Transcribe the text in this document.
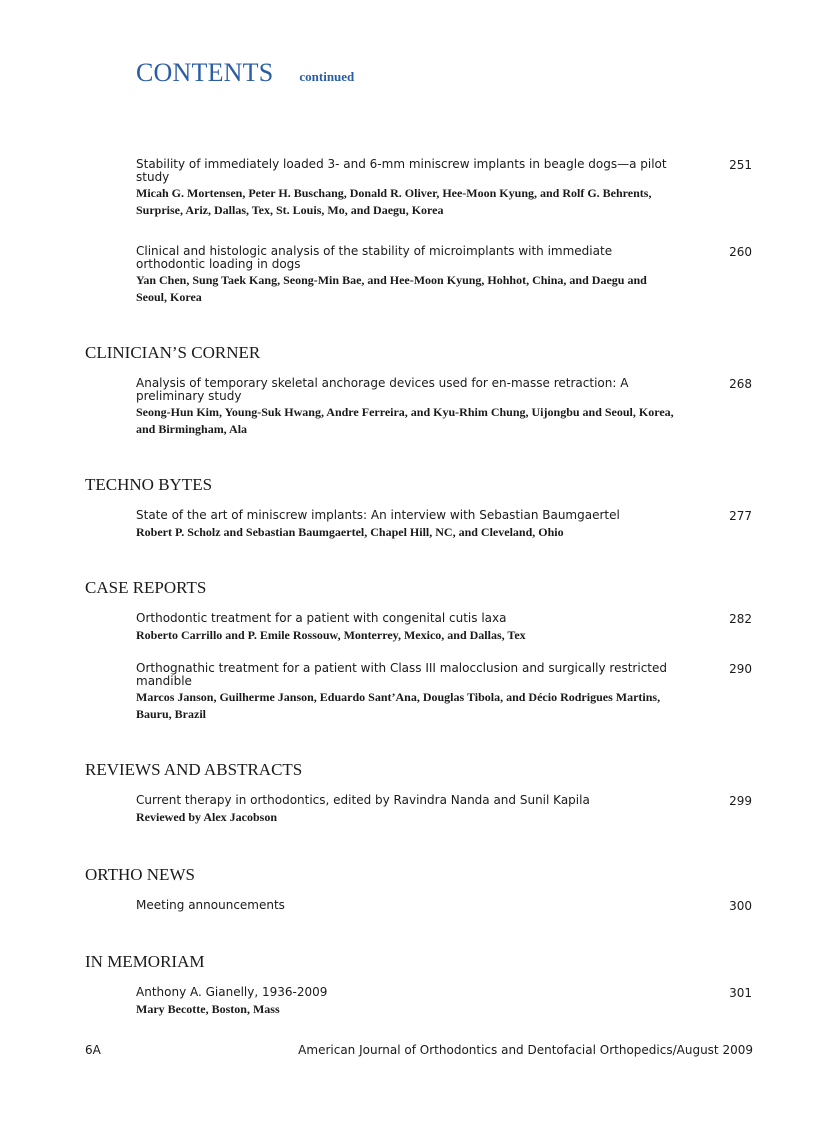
CONTENTS continued
Stability of immediately loaded 3- and 6-mm miniscrew implants in beagle dogs—a pilot study
Micah G. Mortensen, Peter H. Buschang, Donald R. Oliver, Hee-Moon Kyung, and Rolf G. Behrents, Surprise, Ariz, Dallas, Tex, St. Louis, Mo, and Daegu, Korea
251
Clinical and histologic analysis of the stability of microimplants with immediate orthodontic loading in dogs
Yan Chen, Sung Taek Kang, Seong-Min Bae, and Hee-Moon Kyung, Hohhot, China, and Daegu and Seoul, Korea
260
CLINICIAN’S CORNER
Analysis of temporary skeletal anchorage devices used for en-masse retraction: A preliminary study
Seong-Hun Kim, Young-Suk Hwang, Andre Ferreira, and Kyu-Rhim Chung, Uijongbu and Seoul, Korea, and Birmingham, Ala
268
TECHNO BYTES
State of the art of miniscrew implants: An interview with Sebastian Baumgaertel
Robert P. Scholz and Sebastian Baumgaertel, Chapel Hill, NC, and Cleveland, Ohio
277
CASE REPORTS
Orthodontic treatment for a patient with congenital cutis laxa
Roberto Carrillo and P. Emile Rossouw, Monterrey, Mexico, and Dallas, Tex
282
Orthognathic treatment for a patient with Class III malocclusion and surgically restricted mandible
Marcos Janson, Guilherme Janson, Eduardo Sant’Ana, Douglas Tibola, and Décio Rodrigues Martins, Bauru, Brazil
290
REVIEWS AND ABSTRACTS
Current therapy in orthodontics, edited by Ravindra Nanda and Sunil Kapila
Reviewed by Alex Jacobson
299
ORTHO NEWS
Meeting announcements	300
IN MEMORIAM
Anthony A. Gianelly, 1936-2009
Mary Becotte, Boston, Mass
301
6A	American Journal of Orthodontics and Dentofacial Orthopedics/August 2009
